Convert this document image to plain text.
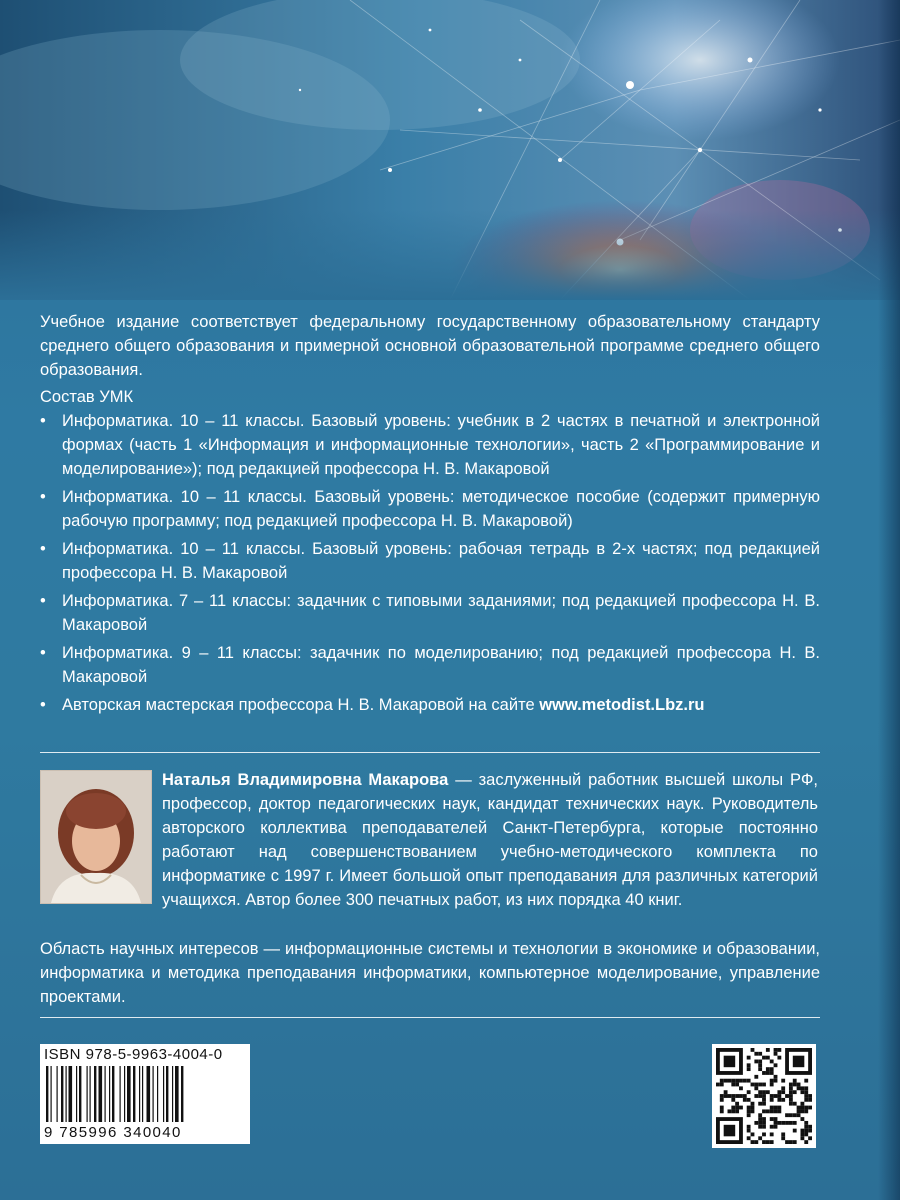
Учебное издание соответствует федеральному государственному образовательному стандарту среднего общего образования и примерной основной образовательной программе среднего общего образования.
Состав УМК
• Информатика. 10 – 11 классы. Базовый уровень: учебник в 2 частях в печатной и электронной формах (часть 1 «Информация и информационные технологии», часть 2 «Программирование и моделирование»); под редакцией профессора Н. В. Макаровой
• Информатика. 10 – 11 классы. Базовый уровень: методическое пособие (содержит примерную рабочую программу; под редакцией профессора Н. В. Макаровой)
• Информатика. 10 – 11 классы. Базовый уровень: рабочая тетрадь в 2-х частях; под редакцией профессора Н. В. Макаровой
• Информатика. 7 – 11 классы: задачник с типовыми заданиями; под редакцией профессора Н. В. Макаровой
• Информатика. 9 – 11 классы: задачник по моделированию; под редакцией профессора Н. В. Макаровой
• Авторская мастерская профессора Н. В. Макаровой на сайте www.metodist.Lbz.ru
Наталья Владимировна Макарова — заслуженный работник высшей школы РФ, профессор, доктор педагогических наук, кандидат технических наук. Руководитель авторского коллектива преподавателей Санкт-Петербурга, которые постоянно работают над совершенствованием учебно-методического комплекта по информатике с 1997 г. Имеет большой опыт преподавания для различных категорий учащихся. Автор более 300 печатных работ, из них порядка 40 книг.
Область научных интересов — информационные системы и технологии в экономике и образовании, информатика и методика преподавания информатики, компьютерное моделирование, управление проектами.
ISBN 978-5-9963-4004-0
9 785996 340040
